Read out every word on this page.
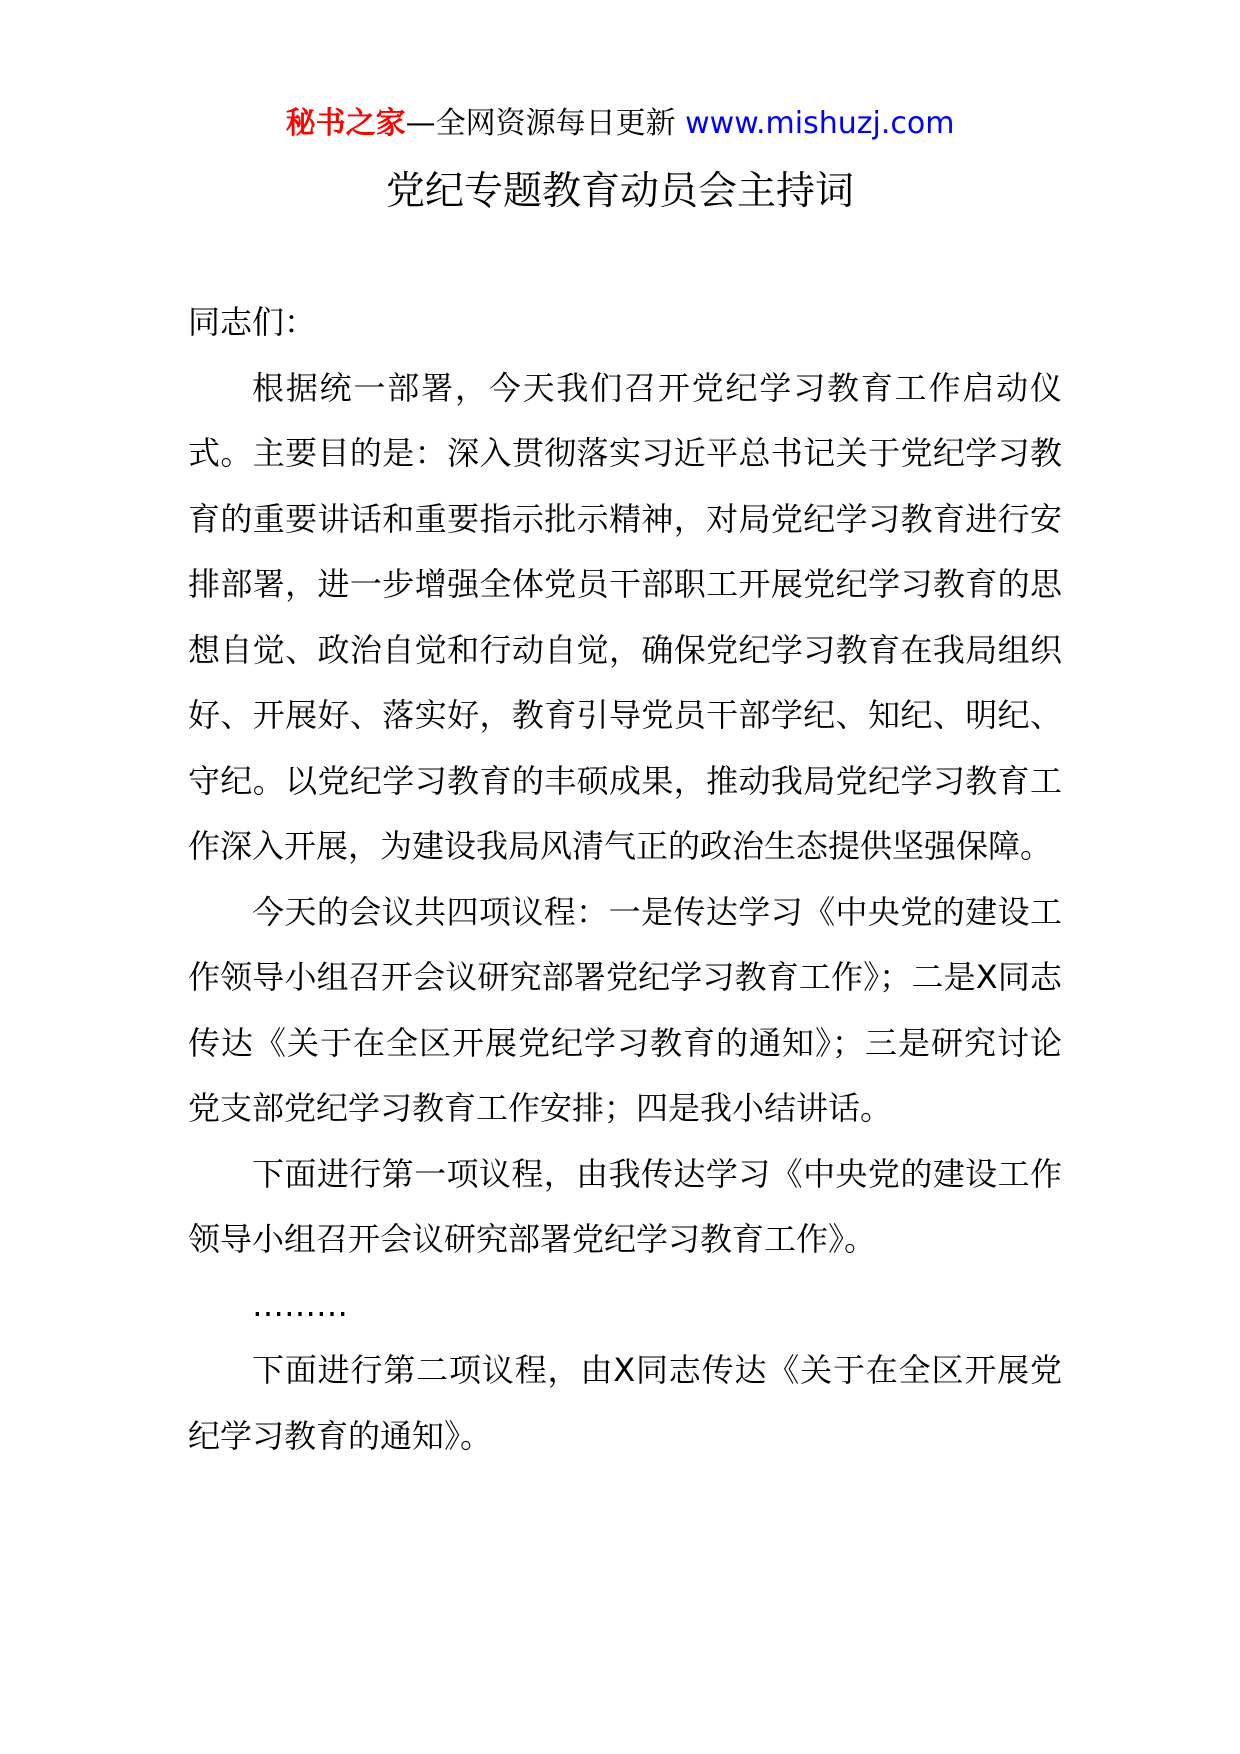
秘书之家—全网资源每日更新 www.mishuzj.com
党纪专题教育动员会主持词

同志们：

根据统一部署，今天我们召开党纪学习教育工作启动仪式。主要目的是：深入贯彻落实习近平总书记关于党纪学习教育的重要讲话和重要指示批示精神，对局党纪学习教育进行安排部署，进一步增强全体党员干部职工开展党纪学习教育的思想自觉、政治自觉和行动自觉，确保党纪学习教育在我局组织好、开展好、落实好，教育引导党员干部学纪、知纪、明纪、守纪。以党纪学习教育的丰硕成果，推动我局党纪学习教育工作深入开展，为建设我局风清气正的政治生态提供坚强保障。

今天的会议共四项议程：一是传达学习《中央党的建设工作领导小组召开会议研究部署党纪学习教育工作》；二是X同志传达《关于在全区开展党纪学习教育的通知》；三是研究讨论党支部党纪学习教育工作安排；四是我小结讲话。

下面进行第一项议程，由我传达学习《中央党的建设工作领导小组召开会议研究部署党纪学习教育工作》。

………

下面进行第二项议程，由X同志传达《关于在全区开展党纪学习教育的通知》。
